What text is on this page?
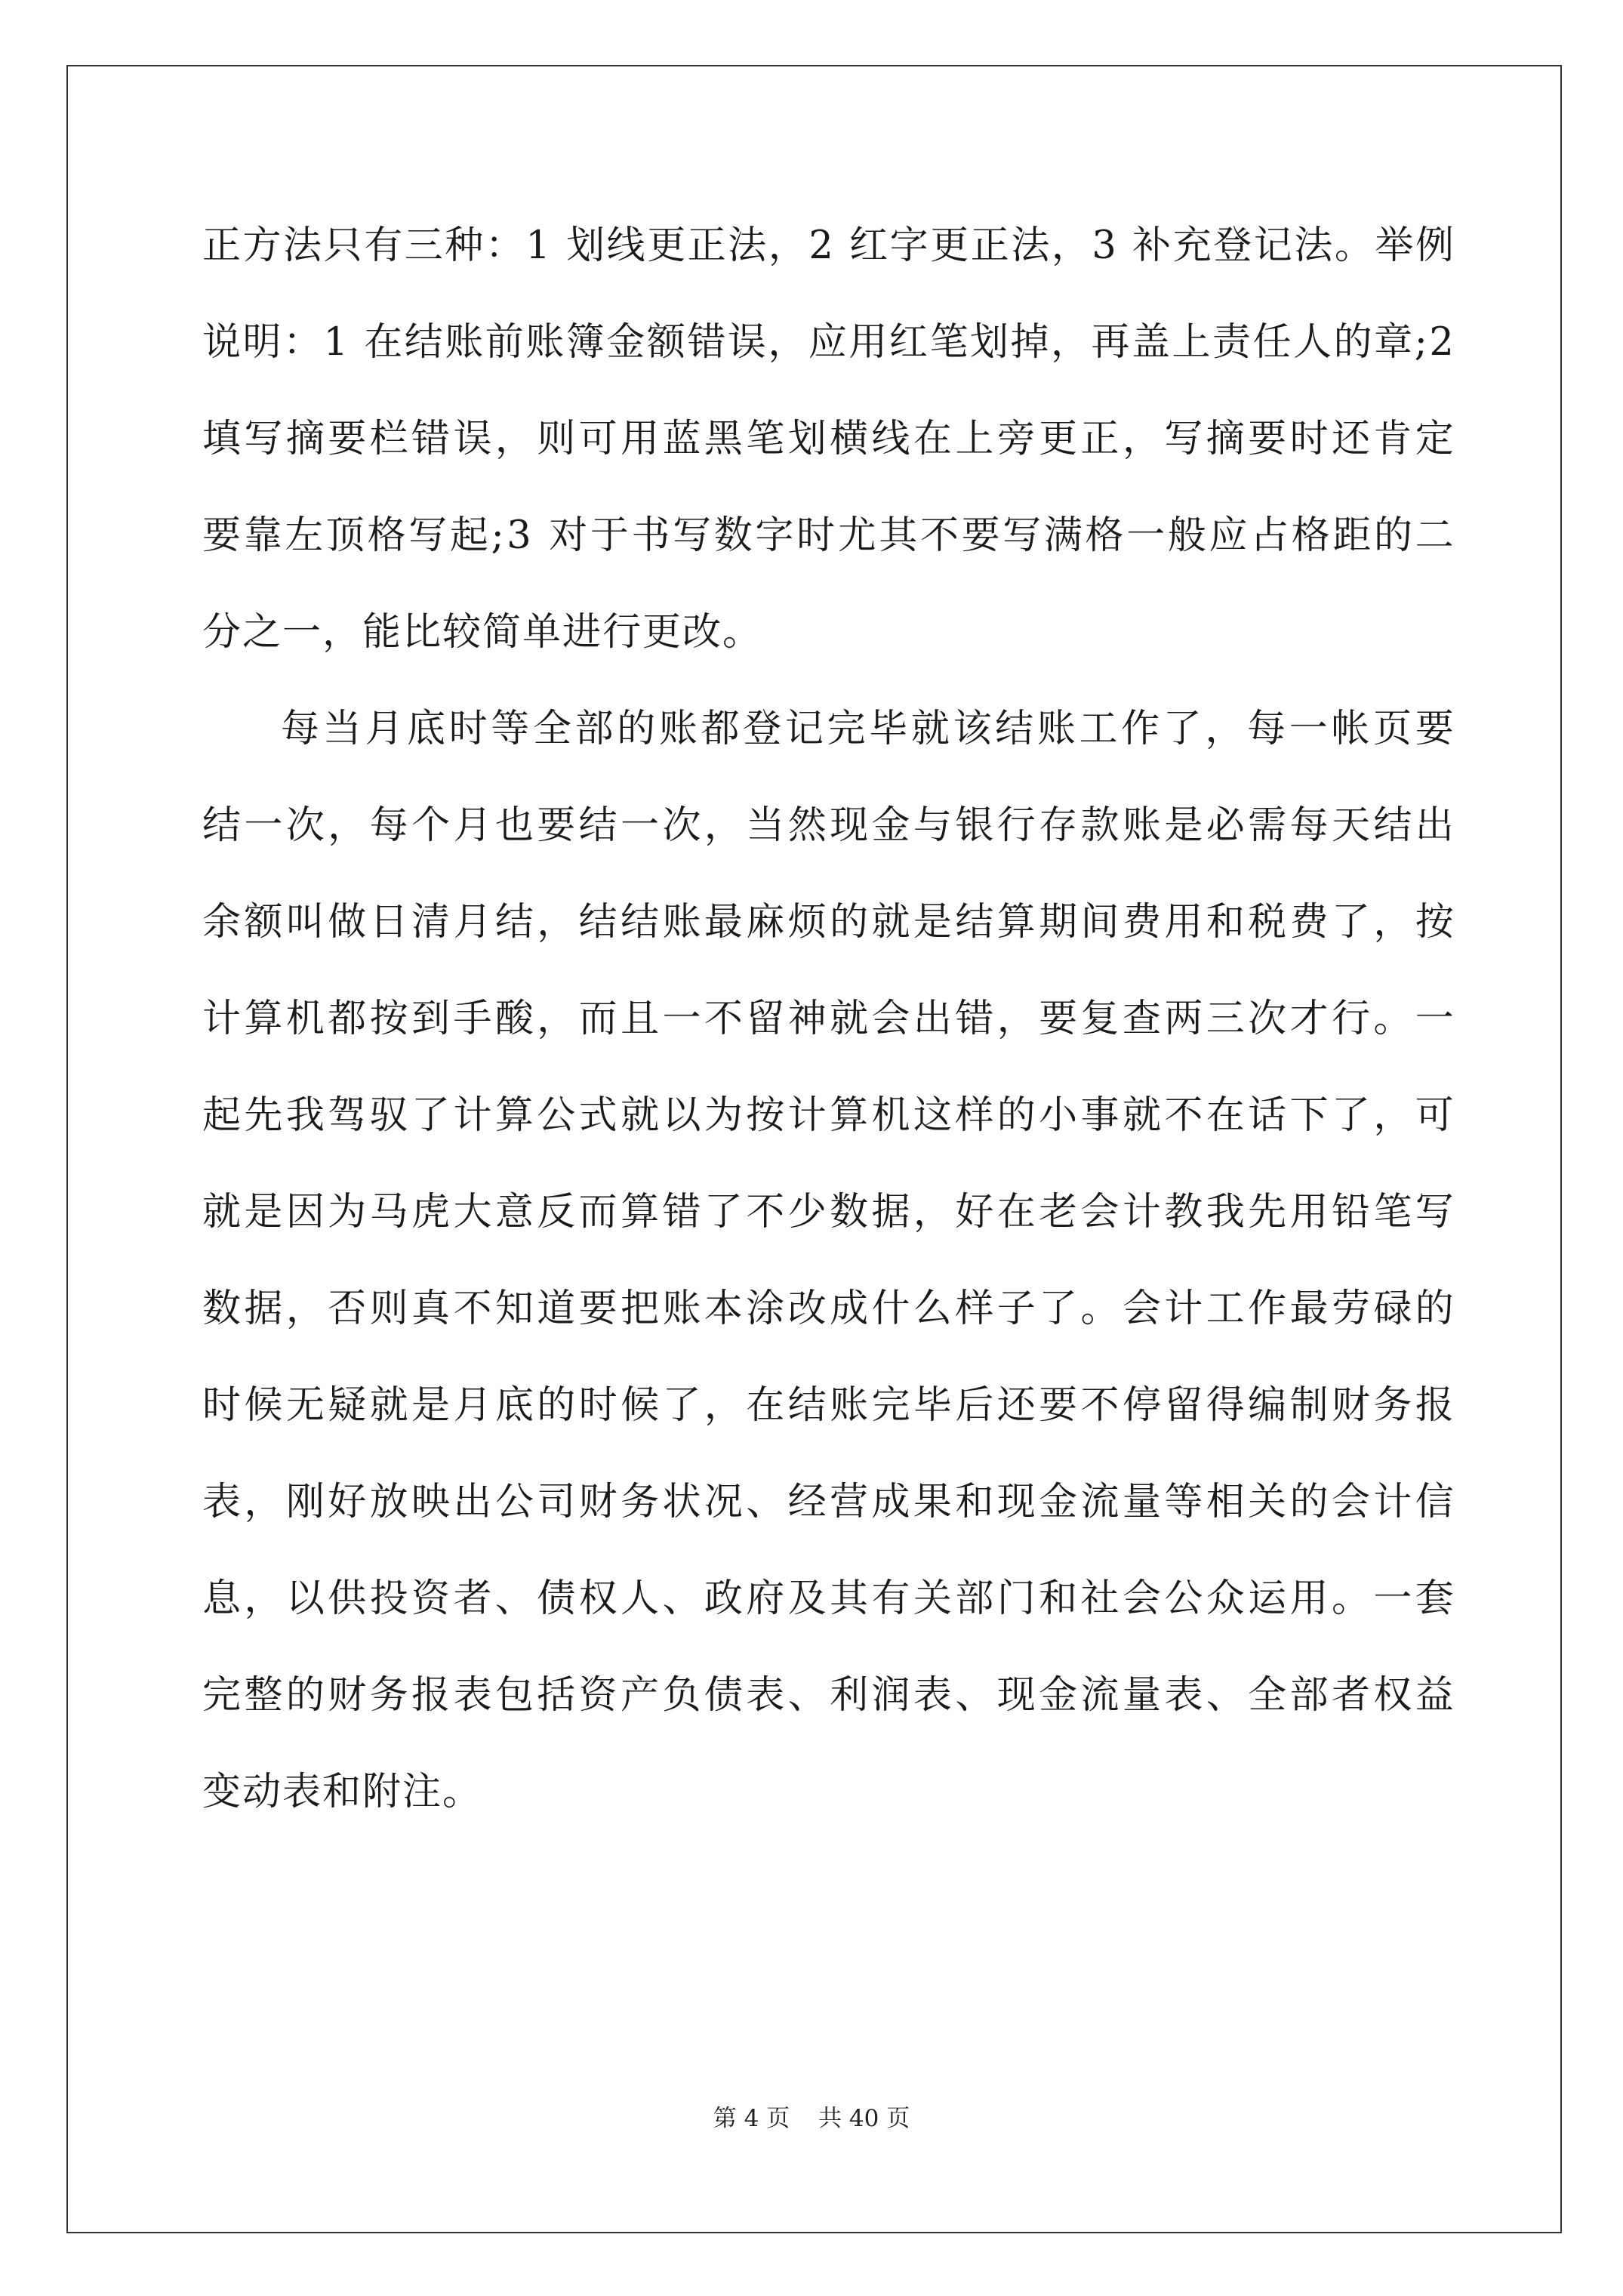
正 方 法 只 有 三 种 ： 1
划 线 更 正 法 ， 2
红 字 更 正 法 ， 3
补 充 登 记 法 。 举 例
说 明 ： 1
在 结 账 前 账 簿 金 额 错 误 ， 应 用 红 笔 划 掉 ， 再 盖 上 责 任 人 的 章 ; 2
填 写 摘 要 栏 错 误 ， 则 可 用 蓝 黑 笔 划 横 线 在 上 旁 更 正 ， 写 摘 要 时 还 肯 定
要 靠 左 顶 格 写 起 ; 3
对 于 书 写 数 字 时 尤 其 不 要 写 满 格 一 般 应 占 格 距 的 二
分之一，能比较简单进行更改。
每 当 月 底 时 等 全 部 的 账 都 登 记 完 毕 就 该 结 账 工 作 了 ， 每 一 帐 页 要
结 一 次 ， 每 个 月 也 要 结 一 次 ， 当 然 现 金 与 银 行 存 款 账 是 必 需 每 天 结 出
余 额 叫 做 日 清 月 结 ， 结 结 账 最 麻 烦 的 就 是 结 算 期 间 费 用 和 税 费 了 ， 按
计 算 机 都 按 到 手 酸 ， 而 且 一 不 留 神 就 会 出 错 ， 要 复 查 两 三 次 才 行 。 一
起 先 我 驾 驭 了 计 算 公 式 就 以 为 按 计 算 机 这 样 的 小 事 就 不 在 话 下 了 ， 可
就 是 因 为 马 虎 大 意 反 而 算 错 了 不 少 数 据 ， 好 在 老 会 计 教 我 先 用 铅 笔 写
数 据 ， 否 则 真 不 知 道 要 把 账 本 涂 改 成 什 么 样 子 了 。 会 计 工 作 最 劳 碌 的
时 候 无 疑 就 是 月 底 的 时 候 了 ， 在 结 账 完 毕 后 还 要 不 停 留 得 编 制 财 务 报
表 ， 刚 好 放 映 出 公 司 财 务 状 况 、 经 营 成 果 和 现 金 流 量 等 相 关 的 会 计 信
息 ， 以 供 投 资 者 、 债 权 人 、 政 府 及 其 有 关 部 门 和 社 会 公 众 运 用 。 一 套
完 整 的 财 务 报 表 包 括 资 产 负 债 表 、 利 润 表 、 现 金 流 量 表 、 全 部 者 权 益
变动表和附注。
第 4 页 共 40 页
